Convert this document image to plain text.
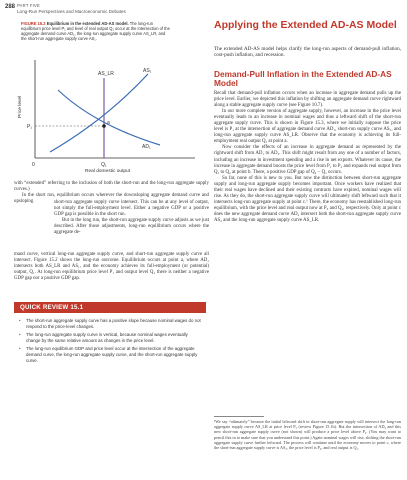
288 PART FIVE
Long-Run Perspectives and Macroeconomic Debates
FIGURE 15.2 Equilibrium in the extended AD-AS model. The long-run equilibrium price level P₁ and level of real output Q₁ occur at the intersection of the aggregate demand curve AD₁, the long-run aggregate supply curve AS_LR, and the short-run aggregate supply curve AS₁.
AS_LR	AS₁
AD₁
a
P₁
Q₁
0
Real domestic output
Price level

with “extended” referring to the inclusion of both the short-run and the long-run aggregate supply curves.)

In the short run, equilibrium occurs wherever the downsloping aggregate demand curve and upsloping	short-run aggregate supply curve intersect. This can be at any level of output, not simply the full-employment level. Either a negative GDP or a positive GDP gap is possible in the short run.

But in the long run, the short-run aggregate supply curve adjusts as we just described. After those adjustments, long-run equilibrium occurs where the aggregate de-

mand curve, vertical long-run aggregate supply curve, and short-run aggregate supply curve all intersect. Figure 15.2 shows the long-run outcome. Equilibrium occurs at point a, where AD₁ intersects both AS_LR and AS₁, and the economy achieves its full-employment (or potential) output, Q₁. At long-run equilibrium price level P₁ and output level Q₁ there is neither a negative GDP gap nor a positive GDP gap.

QUICK REVIEW 15.1
• The short-run aggregate supply curve has a positive slope because nominal wages do not respond to the price-level changes.
• The long-run aggregate supply curve is vertical, because nominal wages eventually change by the same relative amount as changes in the price level.
• The long-run equilibrium GDP and price level occur at the intersection of the aggregate demand curve, the long-run aggregate supply curve, and the short-run aggregate supply curve.
Applying the Extended AD-AS Model

The extended AD-AS model helps clarify the long-run aspects of demand-pull inflation, cost-push inflation, and recession.

Demand-Pull Inflation in the Extended AD-AS Model

Recall that demand-pull inflation occurs when an increase in aggregate demand pulls up the price level. Earlier, we depicted this inflation by shifting an aggregate demand curve rightward along a stable aggregate supply curve (see Figure 10.7).

In our more complete version of aggregate supply, however, an increase in the price level eventually leads to an increase in nominal wages and thus a leftward shift of the short-run aggregate supply curve. This is shown in Figure 15.3, where we initially suppose the price level is P₁ at the intersection of aggregate demand curve AD₁, short-run supply curve AS₁, and long-run aggregate supply curve AS_LR. Observe that the economy is achieving its full-employment real output Q₁ at point a.

Now consider the effects of an increase in aggregate demand as represented by the rightward shift from AD₁ to AD₂. This shift might result from any one of a number of factors, including an increase in investment spending and a rise in net exports. Whatever its cause, the increase in aggregate demand boosts the price level from P₁ to P₂ and expands real output from Q₁ to Q₂ at point b. There, a positive GDP gap of Q₂ − Q₁ occurs.

So far, none of this is new to you. But now the distinction between short-run aggregate supply and long-run aggregate supply becomes important. Once workers have realized that their real wages have declined and their existing contracts have expired, nominal wages will rise. As they do, the short-run aggregate supply curve will ultimately shift leftward such that it intersects long-run aggregate supply at point c.¹ There, the economy has reestablished long-run equilibrium, with the price level and real output now at P₃ and Q₁, respectively. Only at point c does the new aggregate demand curve AD₂ intersect both the short-run aggregate supply curve AS₂ and the long-run aggregate supply curve AS_LR.

¹We say “ultimately” because the initial leftward shift in short-run aggregate supply will intersect the long-run aggregate supply curve AS_LR at price level P₂ (review Figure 15.1b). But the intersection of AD₂ and this new short-run aggregate supply curve (not shown) will produce a price level above P₂. (You may want to pencil this in to make sure that you understand this point.) Again nominal wages will rise, shifting the short-run aggregate supply curve further leftward. The process will continue until the economy moves to point c, where the short-run aggregate supply curve is AS₂, the price level is P₃, and real output is Q₁.
